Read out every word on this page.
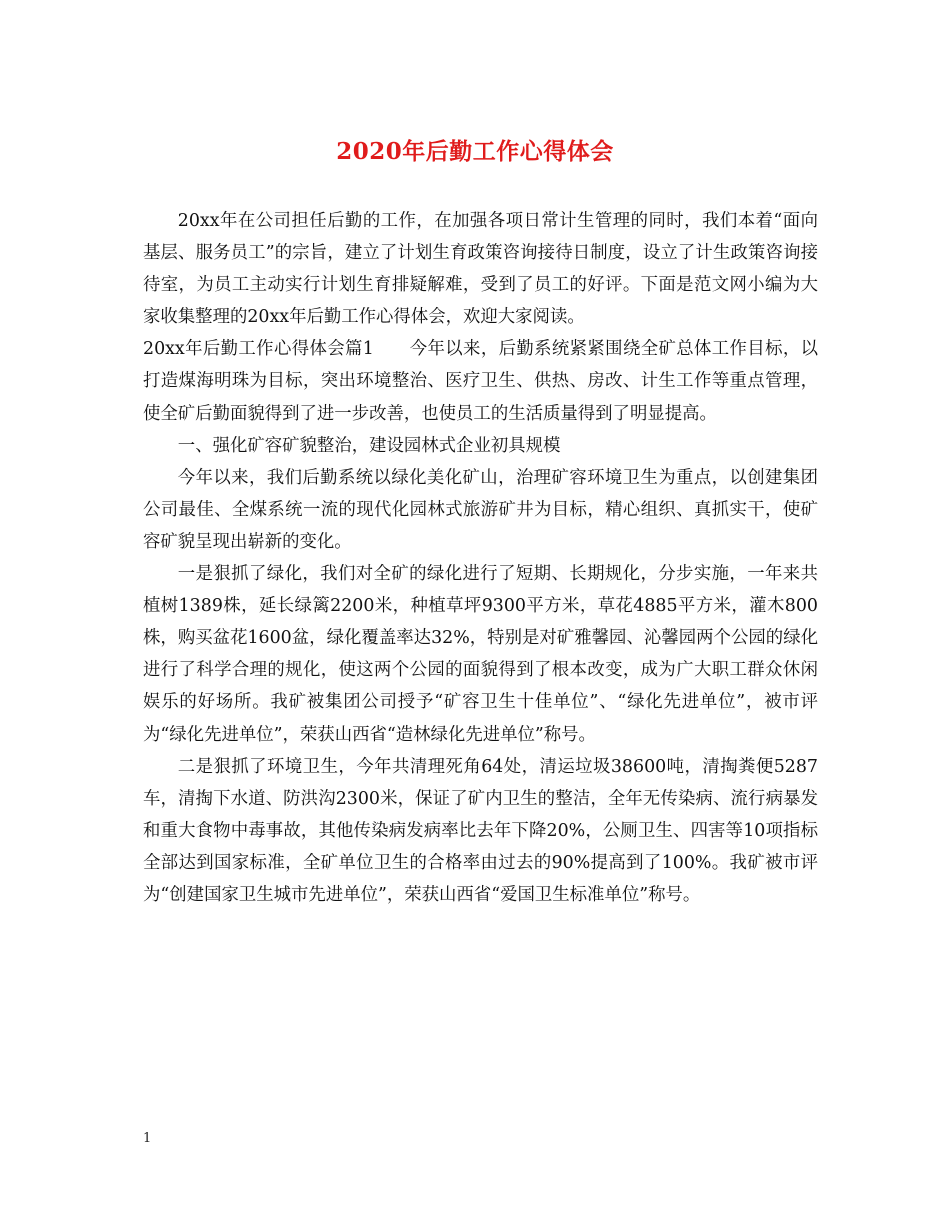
2020年后勤工作心得体会

20xx年在公司担任后勤的工作，在加强各项日常计生管理的同时，我们本着“面向基层、服务员工”的宗旨，建立了计划生育政策咨询接待日制度，设立了计生政策咨询接待室，为员工主动实行计划生育排疑解难，受到了员工的好评。下面是范文网小编为大家收集整理的20xx年后勤工作心得体会，欢迎大家阅读。

20xx年后勤工作心得体会篇1　　今年以来，后勤系统紧紧围绕全矿总体工作目标，以打造煤海明珠为目标，突出环境整治、医疗卫生、供热、房改、计生工作等重点管理，使全矿后勤面貌得到了进一步改善，也使员工的生活质量得到了明显提高。

一、强化矿容矿貌整治，建设园林式企业初具规模

今年以来，我们后勤系统以绿化美化矿山，治理矿容环境卫生为重点，以创建集团公司最佳、全煤系统一流的现代化园林式旅游矿井为目标，精心组织、真抓实干，使矿容矿貌呈现出崭新的变化。

一是狠抓了绿化，我们对全矿的绿化进行了短期、长期规化，分步实施，一年来共植树1389株，延长绿篱2200米，种植草坪9300平方米，草花4885平方米，灌木800株，购买盆花1600盆，绿化覆盖率达32%，特别是对矿雅馨园、沁馨园两个公园的绿化进行了科学合理的规化，使这两个公园的面貌得到了根本改变，成为广大职工群众休闲娱乐的好场所。我矿被集团公司授予“矿容卫生十佳单位”、“绿化先进单位”，被市评为“绿化先进单位”，荣获山西省“造林绿化先进单位”称号。

二是狠抓了环境卫生，今年共清理死角64处，清运垃圾38600吨，清掏粪便5287车，清掏下水道、防洪沟2300米，保证了矿内卫生的整洁，全年无传染病、流行病暴发和重大食物中毒事故，其他传染病发病率比去年下降20%，公厕卫生、四害等10项指标全部达到国家标准，全矿单位卫生的合格率由过去的90%提高到了100%。我矿被市评为“创建国家卫生城市先进单位”，荣获山西省“爱国卫生标准单位”称号。

1
